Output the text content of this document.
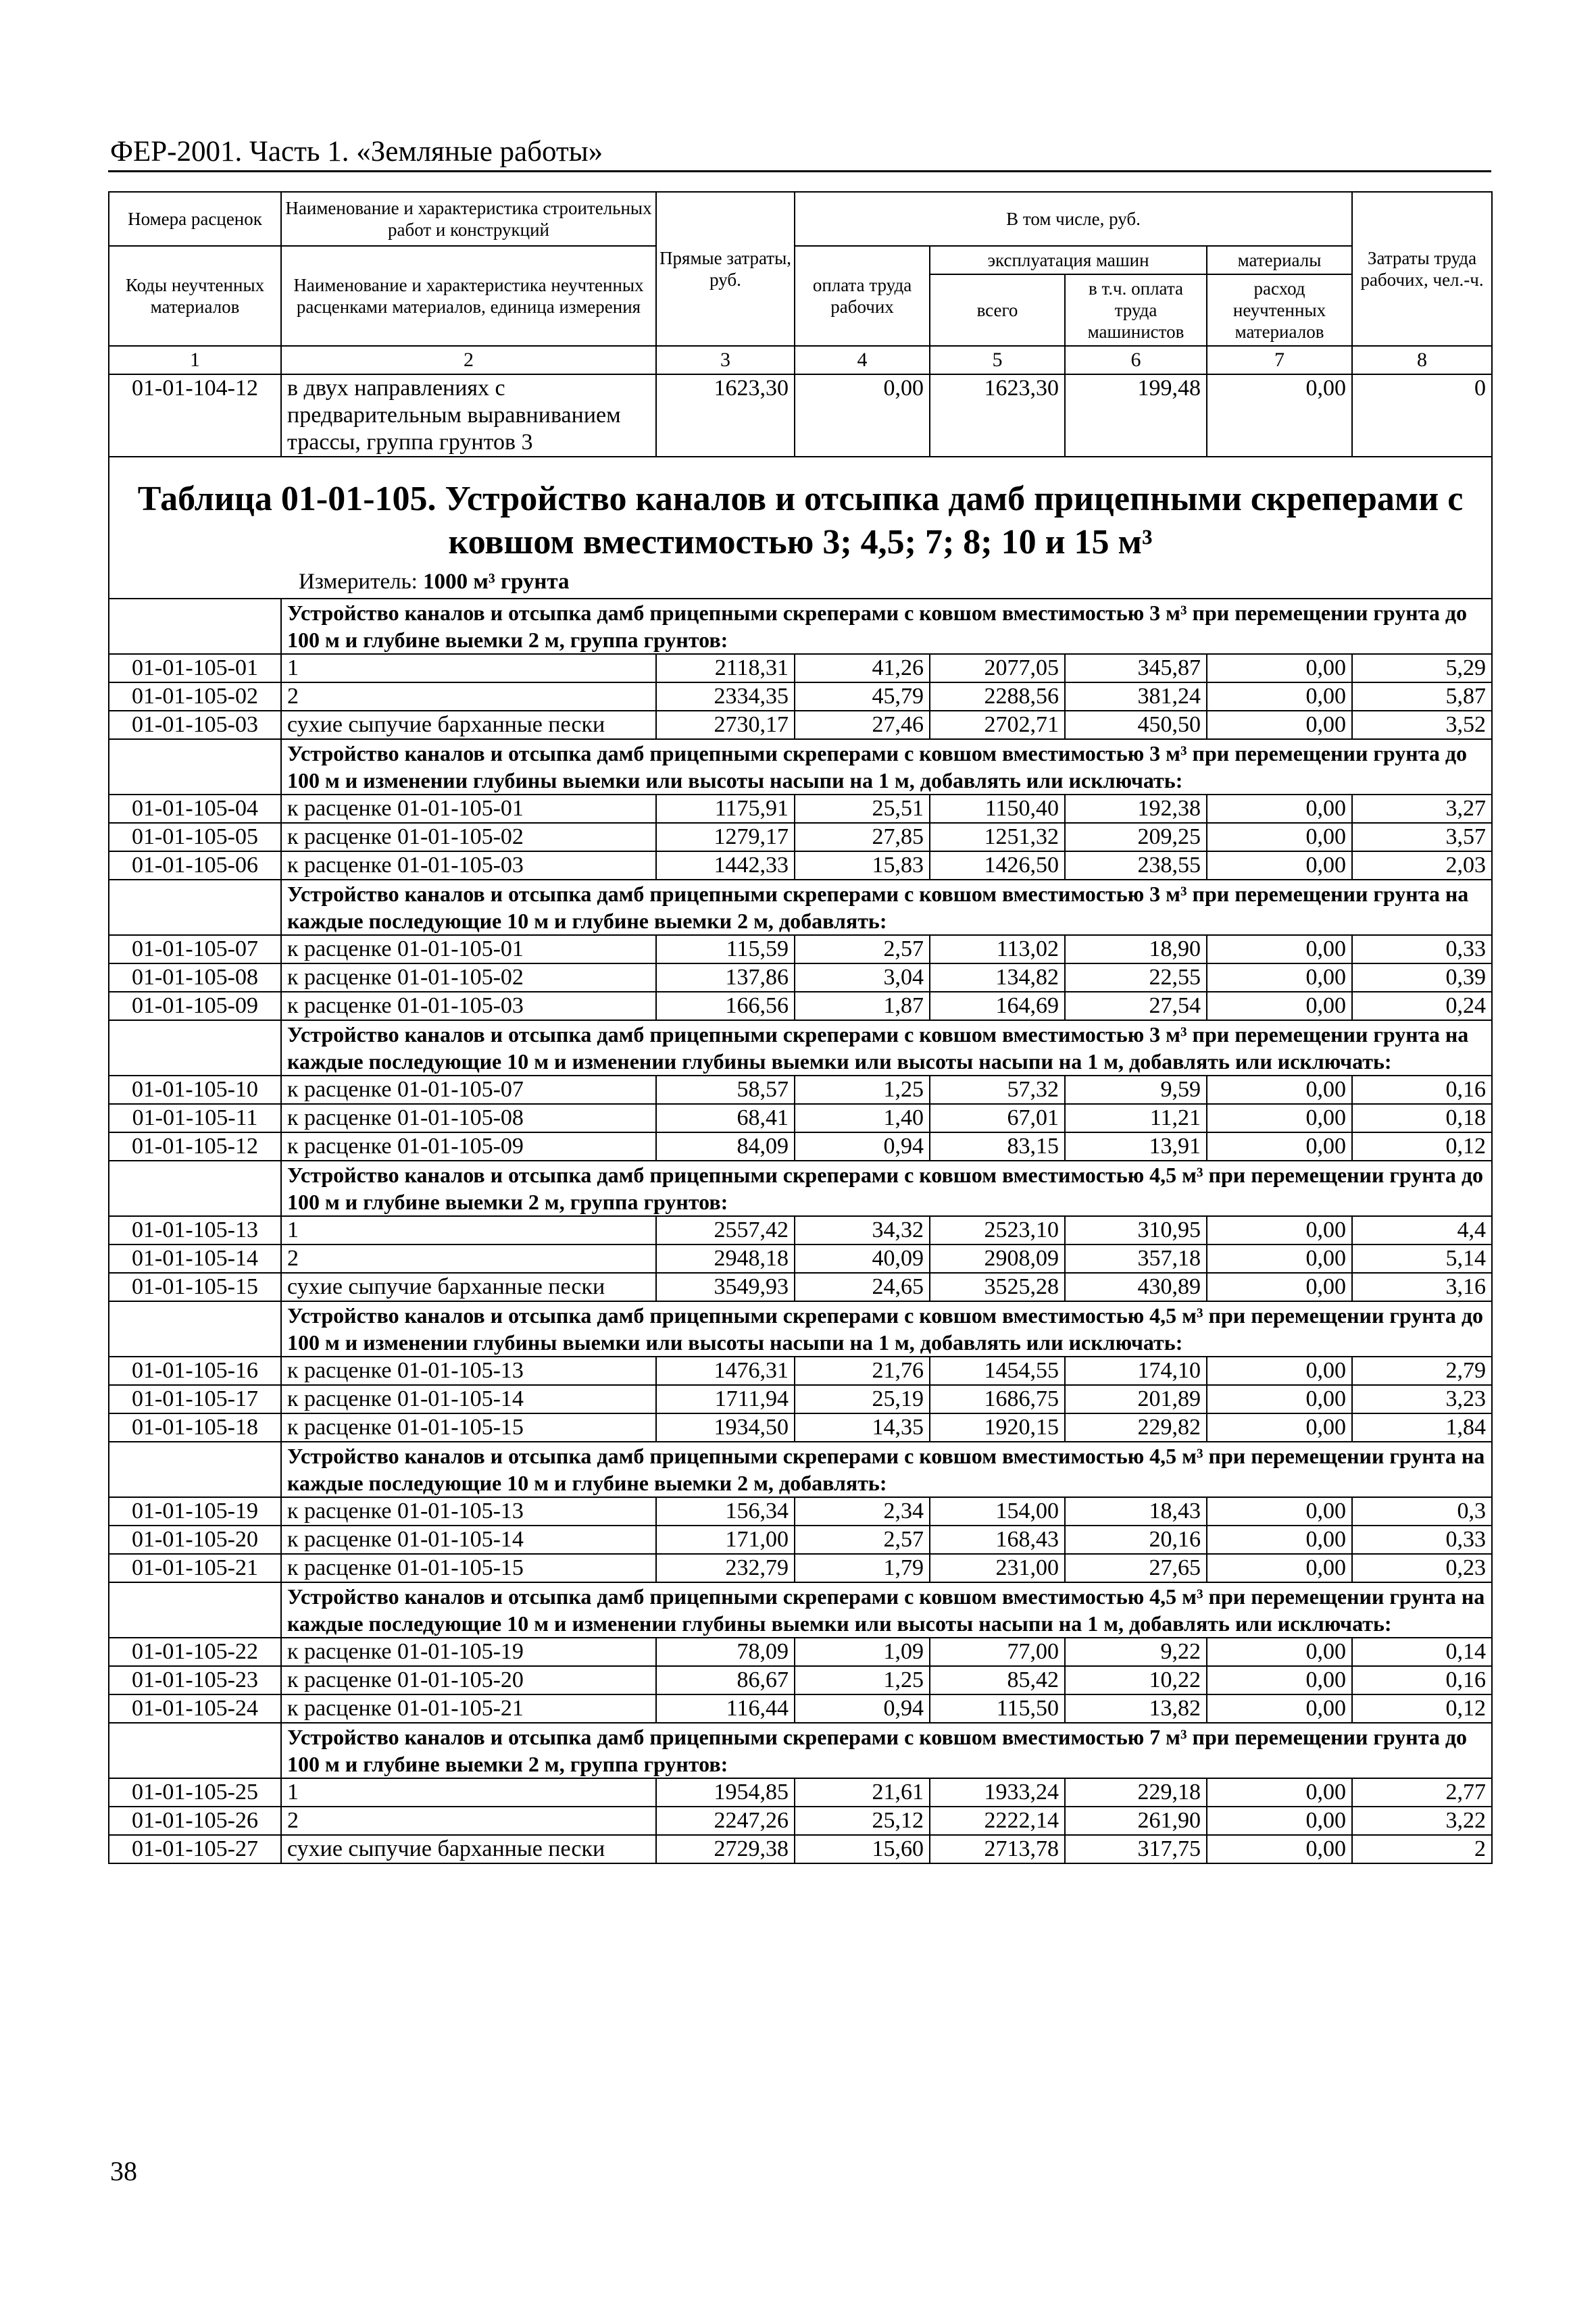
ФЕР-2001. Часть 1. «Земляные работы»
Номера расценок	Наименование и характеристика строительных работ и конструкций	Прямые затраты, руб.	В том числе, руб.				Затраты труда рабочих, чел.-ч.
Коды неучтенных материалов	Наименование и характеристика неучтенных расценками материалов, единица измерения		оплата труда рабочих	эксплуатация машин		материалы	
				всего	в т.ч. оплата труда машинистов	расход неучтенных материалов	
1	2	3	4	5	6	7	8
01-01-104-12	в двух направлениях с предварительным выравниванием трассы, группа грунтов 3	1623,30	0,00	1623,30	199,48	0,00	0

Таблица 01-01-105. Устройство каналов и отсыпка дамб прицепными скреперами с ковшом вместимостью 3; 4,5; 7; 8; 10 и 15 м³
Измеритель: 1000 м³ грунта							

	Устройство каналов и отсыпка дамб прицепными скреперами с ковшом вместимостью 3 м³ при перемещении грунта до 100 м и глубине выемки 2 м, группа грунтов:						
01-01-105-01	1	2118,31	41,26	2077,05	345,87	0,00	5,29
01-01-105-02	2	2334,35	45,79	2288,56	381,24	0,00	5,87
01-01-105-03	сухие сыпучие барханные пески	2730,17	27,46	2702,71	450,50	0,00	3,52
	Устройство каналов и отсыпка дамб прицепными скреперами с ковшом вместимостью 3 м³ при перемещении грунта до 100 м и изменении глубины выемки или высоты насыпи на 1 м, добавлять или исключать:						
01-01-105-04	к расценке 01-01-105-01	1175,91	25,51	1150,40	192,38	0,00	3,27
01-01-105-05	к расценке 01-01-105-02	1279,17	27,85	1251,32	209,25	0,00	3,57
01-01-105-06	к расценке 01-01-105-03	1442,33	15,83	1426,50	238,55	0,00	2,03
	Устройство каналов и отсыпка дамб прицепными скреперами с ковшом вместимостью 3 м³ при перемещении грунта на каждые последующие 10 м и глубине выемки 2 м, добавлять:						
01-01-105-07	к расценке 01-01-105-01	115,59	2,57	113,02	18,90	0,00	0,33
01-01-105-08	к расценке 01-01-105-02	137,86	3,04	134,82	22,55	0,00	0,39
01-01-105-09	к расценке 01-01-105-03	166,56	1,87	164,69	27,54	0,00	0,24
	Устройство каналов и отсыпка дамб прицепными скреперами с ковшом вместимостью 3 м³ при перемещении грунта на каждые последующие 10 м и изменении глубины выемки или высоты насыпи на 1 м, добавлять или исключать:						
01-01-105-10	к расценке 01-01-105-07	58,57	1,25	57,32	9,59	0,00	0,16
01-01-105-11	к расценке 01-01-105-08	68,41	1,40	67,01	11,21	0,00	0,18
01-01-105-12	к расценке 01-01-105-09	84,09	0,94	83,15	13,91	0,00	0,12
	Устройство каналов и отсыпка дамб прицепными скреперами с ковшом вместимостью 4,5 м³ при перемещении грунта до 100 м и глубине выемки 2 м, группа грунтов:						
01-01-105-13	1	2557,42	34,32	2523,10	310,95	0,00	4,4
01-01-105-14	2	2948,18	40,09	2908,09	357,18	0,00	5,14
01-01-105-15	сухие сыпучие барханные пески	3549,93	24,65	3525,28	430,89	0,00	3,16
	Устройство каналов и отсыпка дамб прицепными скреперами с ковшом вместимостью 4,5 м³ при перемещении грунта до 100 м и изменении глубины выемки или высоты насыпи на 1 м, добавлять или исключать:						
01-01-105-16	к расценке 01-01-105-13	1476,31	21,76	1454,55	174,10	0,00	2,79
01-01-105-17	к расценке 01-01-105-14	1711,94	25,19	1686,75	201,89	0,00	3,23
01-01-105-18	к расценке 01-01-105-15	1934,50	14,35	1920,15	229,82	0,00	1,84
	Устройство каналов и отсыпка дамб прицепными скреперами с ковшом вместимостью 4,5 м³ при перемещении грунта на каждые последующие 10 м и глубине выемки 2 м, добавлять:						
01-01-105-19	к расценке 01-01-105-13	156,34	2,34	154,00	18,43	0,00	0,3
01-01-105-20	к расценке 01-01-105-14	171,00	2,57	168,43	20,16	0,00	0,33
01-01-105-21	к расценке 01-01-105-15	232,79	1,79	231,00	27,65	0,00	0,23
	Устройство каналов и отсыпка дамб прицепными скреперами с ковшом вместимостью 4,5 м³ при перемещении грунта на каждые последующие 10 м и изменении глубины выемки или высоты насыпи на 1 м, добавлять или исключать:						
01-01-105-22	к расценке 01-01-105-19	78,09	1,09	77,00	9,22	0,00	0,14
01-01-105-23	к расценке 01-01-105-20	86,67	1,25	85,42	10,22	0,00	0,16
01-01-105-24	к расценке 01-01-105-21	116,44	0,94	115,50	13,82	0,00	0,12
	Устройство каналов и отсыпка дамб прицепными скреперами с ковшом вместимостью 7 м³ при перемещении грунта до 100 м и глубине выемки 2 м, группа грунтов:						
01-01-105-25	1	1954,85	21,61	1933,24	229,18	0,00	2,77
01-01-105-26	2	2247,26	25,12	2222,14	261,90	0,00	3,22
01-01-105-27	сухие сыпучие барханные пески	2729,38	15,60	2713,78	317,75	0,00	2
38
